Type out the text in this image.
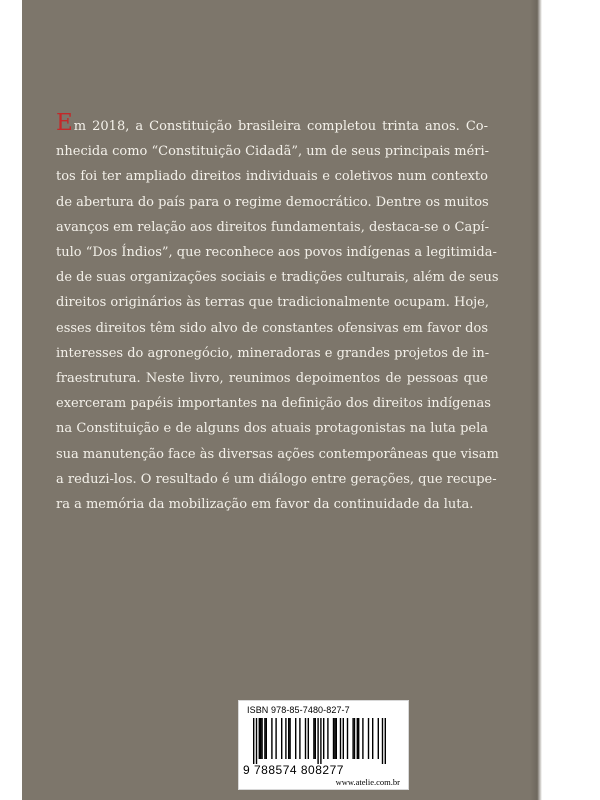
Em 2018, a Constituição brasileira completou trinta anos. Co-
nhecida como “Constituição Cidadã”, um de seus principais méri-
tos foi ter ampliado direitos individuais e coletivos num contexto
de abertura do país para o regime democrático. Dentre os muitos
avanços em relação aos direitos fundamentais, destaca-se o Capí-
tulo “Dos Índios”, que reconhece aos povos indígenas a legitimida-
de de suas organizações sociais e tradições culturais, além de seus
direitos originários às terras que tradicionalmente ocupam. Hoje,
esses direitos têm sido alvo de constantes ofensivas em favor dos
interesses do agronegócio, mineradoras e grandes projetos de in-
fraestrutura. Neste livro, reunimos depoimentos de pessoas que
exerceram papéis importantes na definição dos direitos indígenas
na Constituição e de alguns dos atuais protagonistas na luta pela
sua manutenção face às diversas ações contemporâneas que visam
a reduzi-los. O resultado é um diálogo entre gerações, que recupe-
ra a memória da mobilização em favor da continuidade da luta.
ISBN 978-85-7480-827-7
9 788574 808277
www.atelie.com.br
